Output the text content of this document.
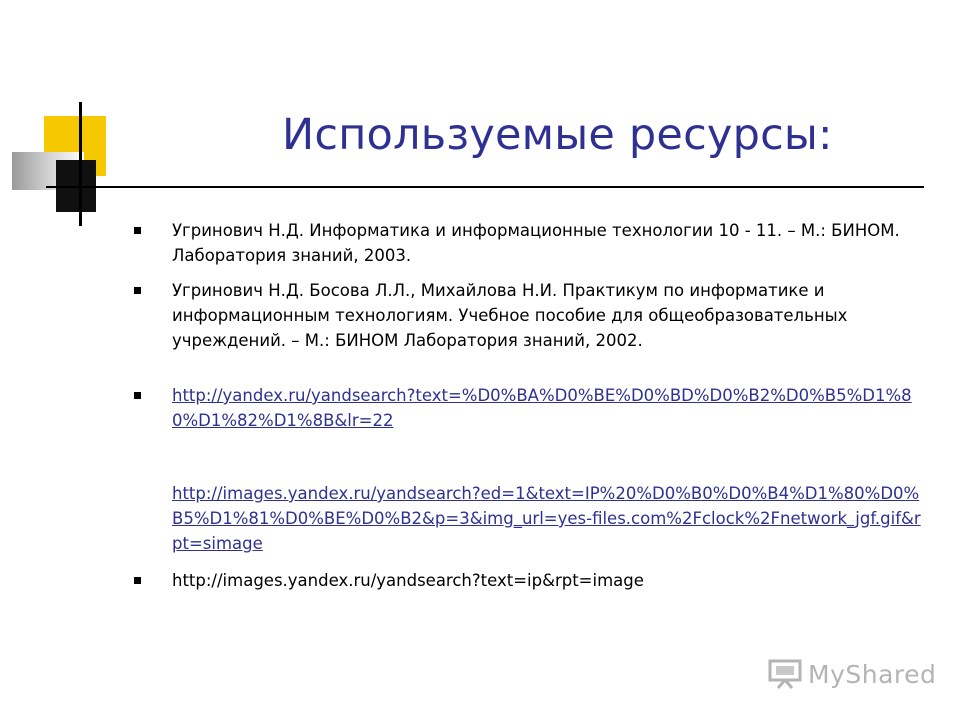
Используемые ресурсы:
Угринович Н.Д. Информатика и информационные технологии 10 - 11. – М.: БИНОМ. Лаборатория знаний, 2003.
Угринович Н.Д. Босова Л.Л., Михайлова Н.И. Практикум по информатике и информационным технологиям. Учебное пособие для общеобразовательных учреждений. – М.: БИНОМ Лаборатория знаний, 2002.
http://yandex.ru/yandsearch?text=%D0%BA%D0%BE%D0%BD%D0%B2%D0%B5%D1%80%D1%82%D1%8B&lr=22
http://images.yandex.ru/yandsearch?ed=1&text=IP%20%D0%B0%D0%B4%D1%80%D0%B5%D1%81%D0%BE%D0%B2&p=3&img_url=yes-files.com%2Fclock%2Fnetwork_jgf.gif&rpt=simage
http://images.yandex.ru/yandsearch?text=ip&rpt=image
MyShared
